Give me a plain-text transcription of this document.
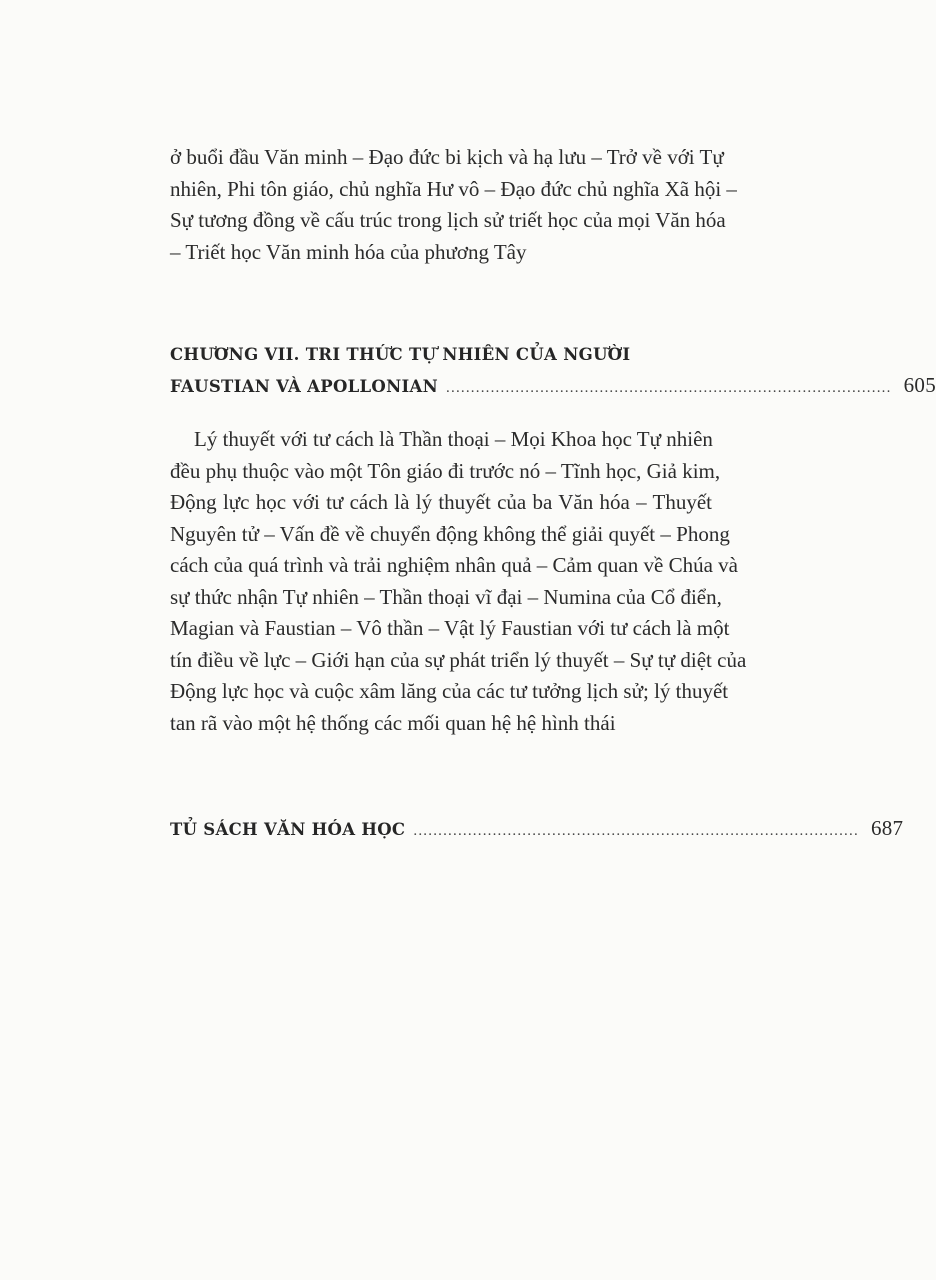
ở buổi đầu Văn minh – Đạo đức bi kịch và hạ lưu – Trở về với Tự
nhiên, Phi tôn giáo, chủ nghĩa Hư vô – Đạo đức chủ nghĩa Xã hội –
Sự tương đồng về cấu trúc trong lịch sử triết học của mọi Văn hóa
– Triết học Văn minh hóa của phương Tây
CHƯƠNG VII. TRI THỨC TỰ NHIÊN CỦA NGƯỜI
FAUSTIAN VÀ APOLLONIAN .......................................................................................... 605
Lý thuyết với tư cách là Thần thoại – Mọi Khoa học Tự nhiên
đều phụ thuộc vào một Tôn giáo đi trước nó – Tĩnh học, Giả kim,
Động lực học với tư cách là lý thuyết của ba Văn hóa – Thuyết
Nguyên tử – Vấn đề về chuyển động không thể giải quyết – Phong
cách của quá trình và trải nghiệm nhân quả – Cảm quan về Chúa và
sự thức nhận Tự nhiên – Thần thoại vĩ đại – Numina của Cổ điển,
Magian và Faustian – Vô thần – Vật lý Faustian với tư cách là một
tín điều về lực – Giới hạn của sự phát triển lý thuyết – Sự tự diệt của
Động lực học và cuộc xâm lăng của các tư tưởng lịch sử; lý thuyết
tan rã vào một hệ thống các mối quan hệ hệ hình thái
TỦ SÁCH VĂN HÓA HỌC .......................................................................................... 687
